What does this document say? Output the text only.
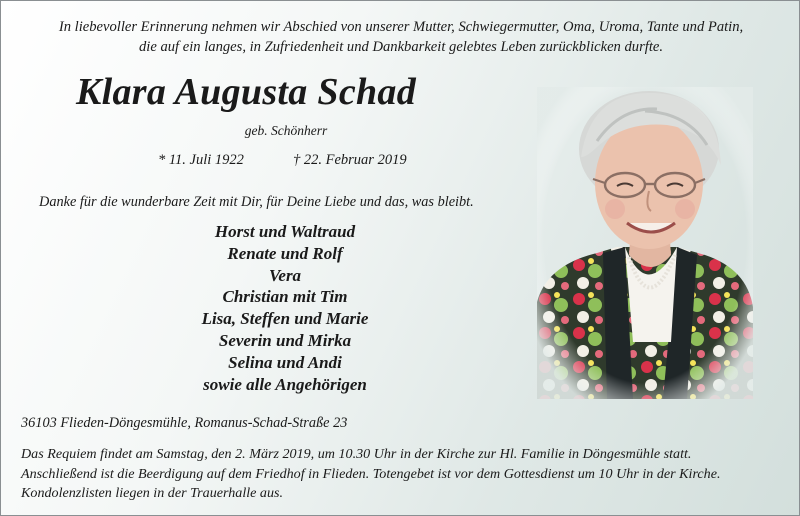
In liebevoller Erinnerung nehmen wir Abschied von unserer Mutter, Schwiegermutter, Oma, Uroma, Tante und Patin,
die auf ein langes, in Zufriedenheit und Dankbarkeit gelebtes Leben zurückblicken durfte.
Klara Augusta Schad
geb. Schönherr
* 11. Juli 1922	† 22. Februar 2019
Danke für die wunderbare Zeit mit Dir, für Deine Liebe und das, was bleibt.
Horst und Waltraud
Renate und Rolf
Vera
Christian mit Tim
Lisa, Steffen und Marie
Severin und Mirka
Selina und Andi
sowie alle Angehörigen
36103 Flieden-Döngesmühle, Romanus-Schad-Straße 23
Das Requiem findet am Samstag, den 2. März 2019, um 10.30 Uhr in der Kirche zur Hl. Familie in Döngesmühle statt.
Anschließend ist die Beerdigung auf dem Friedhof in Flieden. Totengebet ist vor dem Gottesdienst um 10 Uhr in der Kirche.
Kondolenzlisten liegen in der Trauerhalle aus.
